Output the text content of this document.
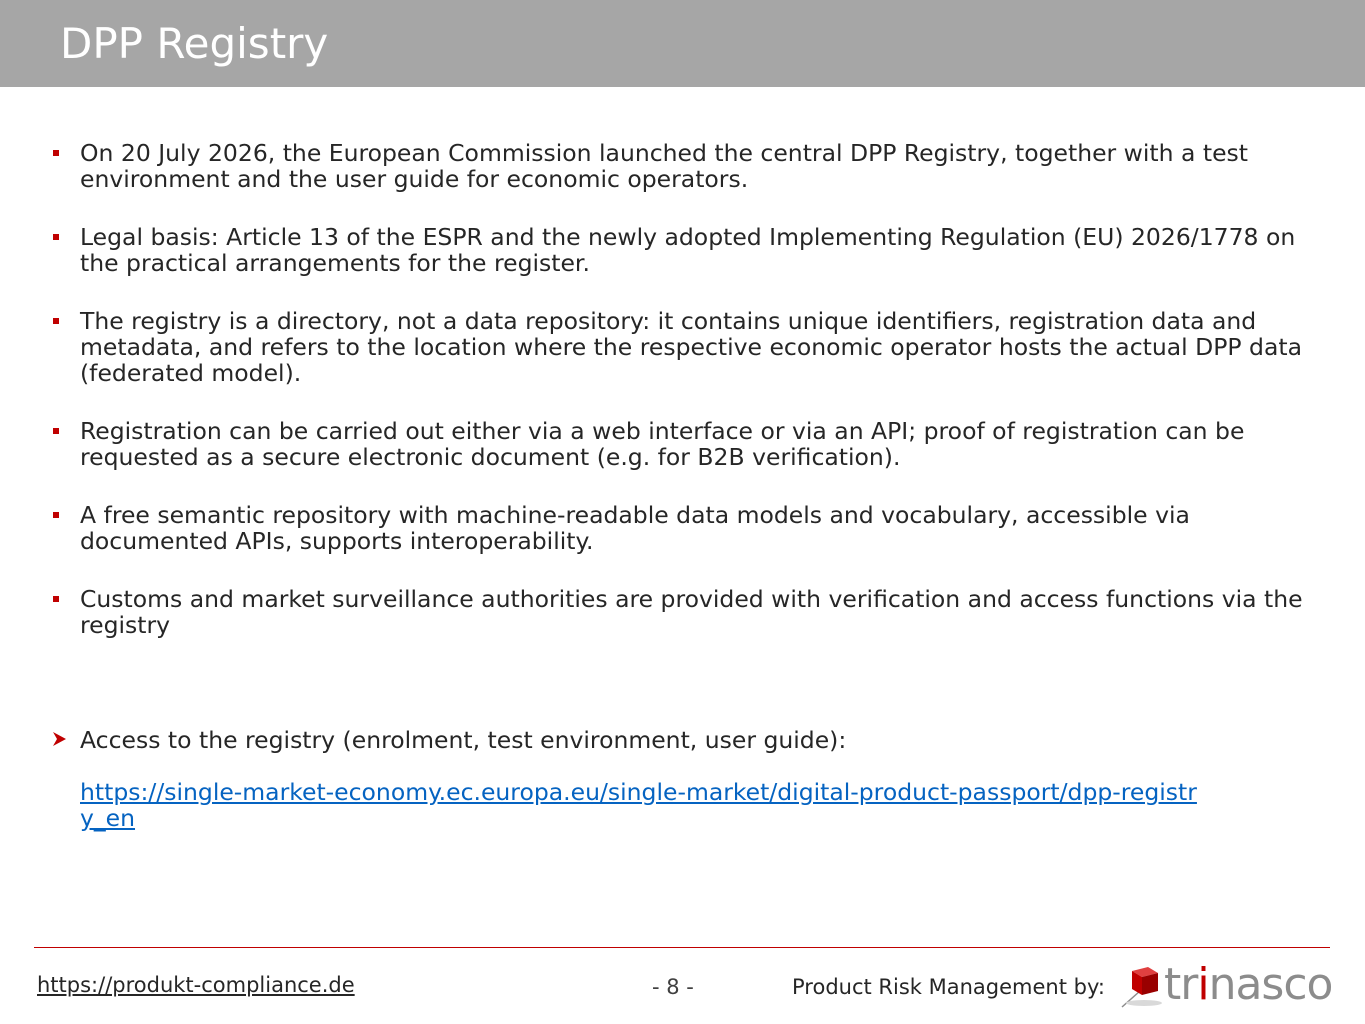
DPP Registry
On 20 July 2026, the European Commission launched the central DPP Registry, together with a test environment and the user guide for economic operators.
Legal basis: Article 13 of the ESPR and the newly adopted Implementing Regulation (EU) 2026/1778 on the practical arrangements for the register.
The registry is a directory, not a data repository: it contains unique identifiers, registration data and metadata, and refers to the location where the respective economic operator hosts the actual DPP data (federated model).
Registration can be carried out either via a web interface or via an API; proof of registration can be requested as a secure electronic document (e.g. for B2B verification).
A free semantic repository with machine-readable data models and vocabulary, accessible via documented APIs, supports interoperability.
Customs and market surveillance authorities are provided with verification and access functions via the registry
Access to the registry (enrolment, test environment, user guide):
https://single-market-economy.ec.europa.eu/single-market/digital-product-passport/dpp-registry_en
https://produkt-compliance.de	- 8 -	Product Risk Management by: trinasco
